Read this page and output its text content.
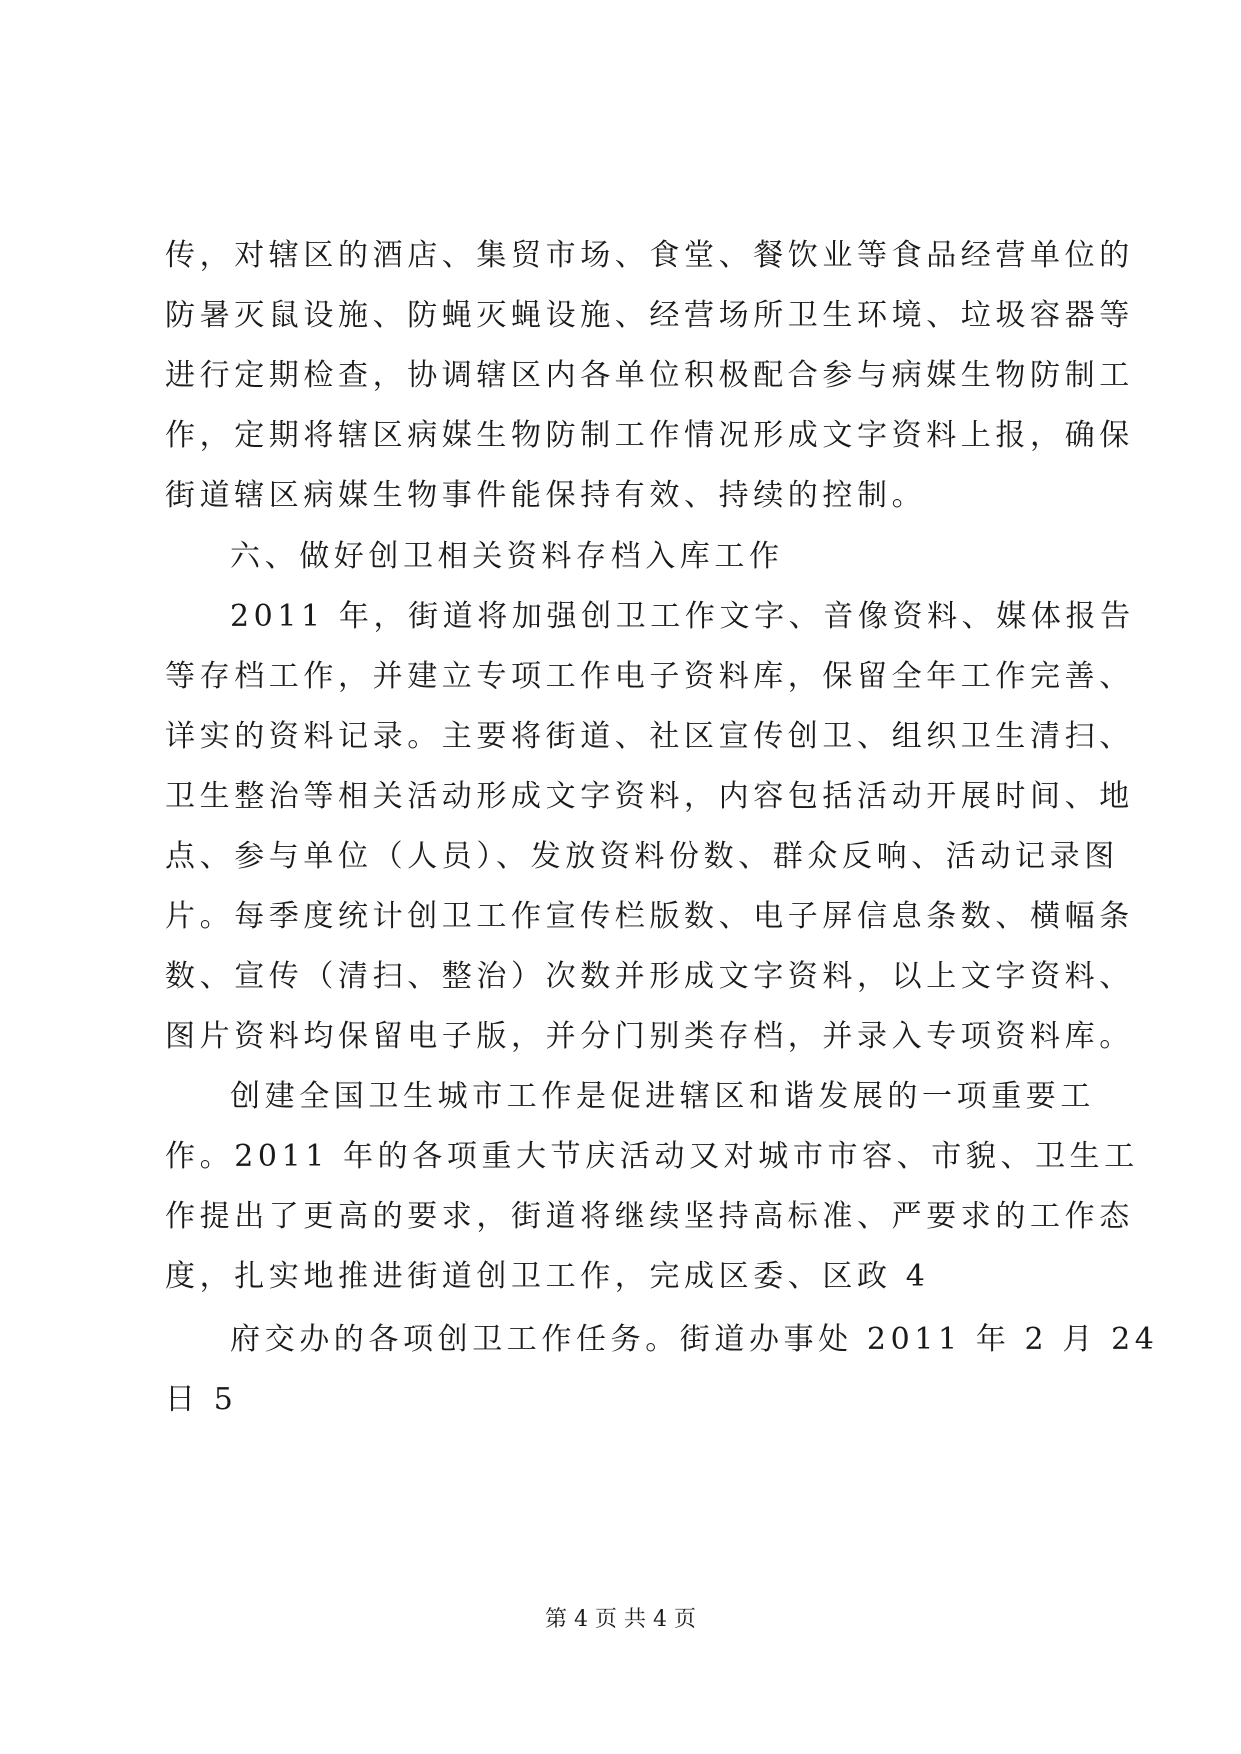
传，对辖区的酒店、集贸市场、食堂、餐饮业等食品经营单位的
防暑灭鼠设施、防蝇灭蝇设施、经营场所卫生环境、垃圾容器等
进行定期检查，协调辖区内各单位积极配合参与病媒生物防制工
作，定期将辖区病媒生物防制工作情况形成文字资料上报，确保
街道辖区病媒生物事件能保持有效、持续的控制。
六、做好创卫相关资料存档入库工作
2011 年，街道将加强创卫工作文字、音像资料、媒体报告
等存档工作，并建立专项工作电子资料库，保留全年工作完善、
详实的资料记录。主要将街道、社区宣传创卫、组织卫生清扫、
卫生整治等相关活动形成文字资料，内容包括活动开展时间、地
点、参与单位（人员）、发放资料份数、群众反响、活动记录图
片。每季度统计创卫工作宣传栏版数、电子屏信息条数、横幅条
数、宣传（清扫、整治）次数并形成文字资料，以上文字资料、
图片资料均保留电子版，并分门别类存档，并录入专项资料库。
创建全国卫生城市工作是促进辖区和谐发展的一项重要工
作。2011 年的各项重大节庆活动又对城市市容、市貌、卫生工
作提出了更高的要求，街道将继续坚持高标准、严要求的工作态
度，扎实地推进街道创卫工作，完成区委、区政 4
府交办的各项创卫工作任务。街道办事处 2011 年 2 月 24
日 5
第 4 页 共 4 页
